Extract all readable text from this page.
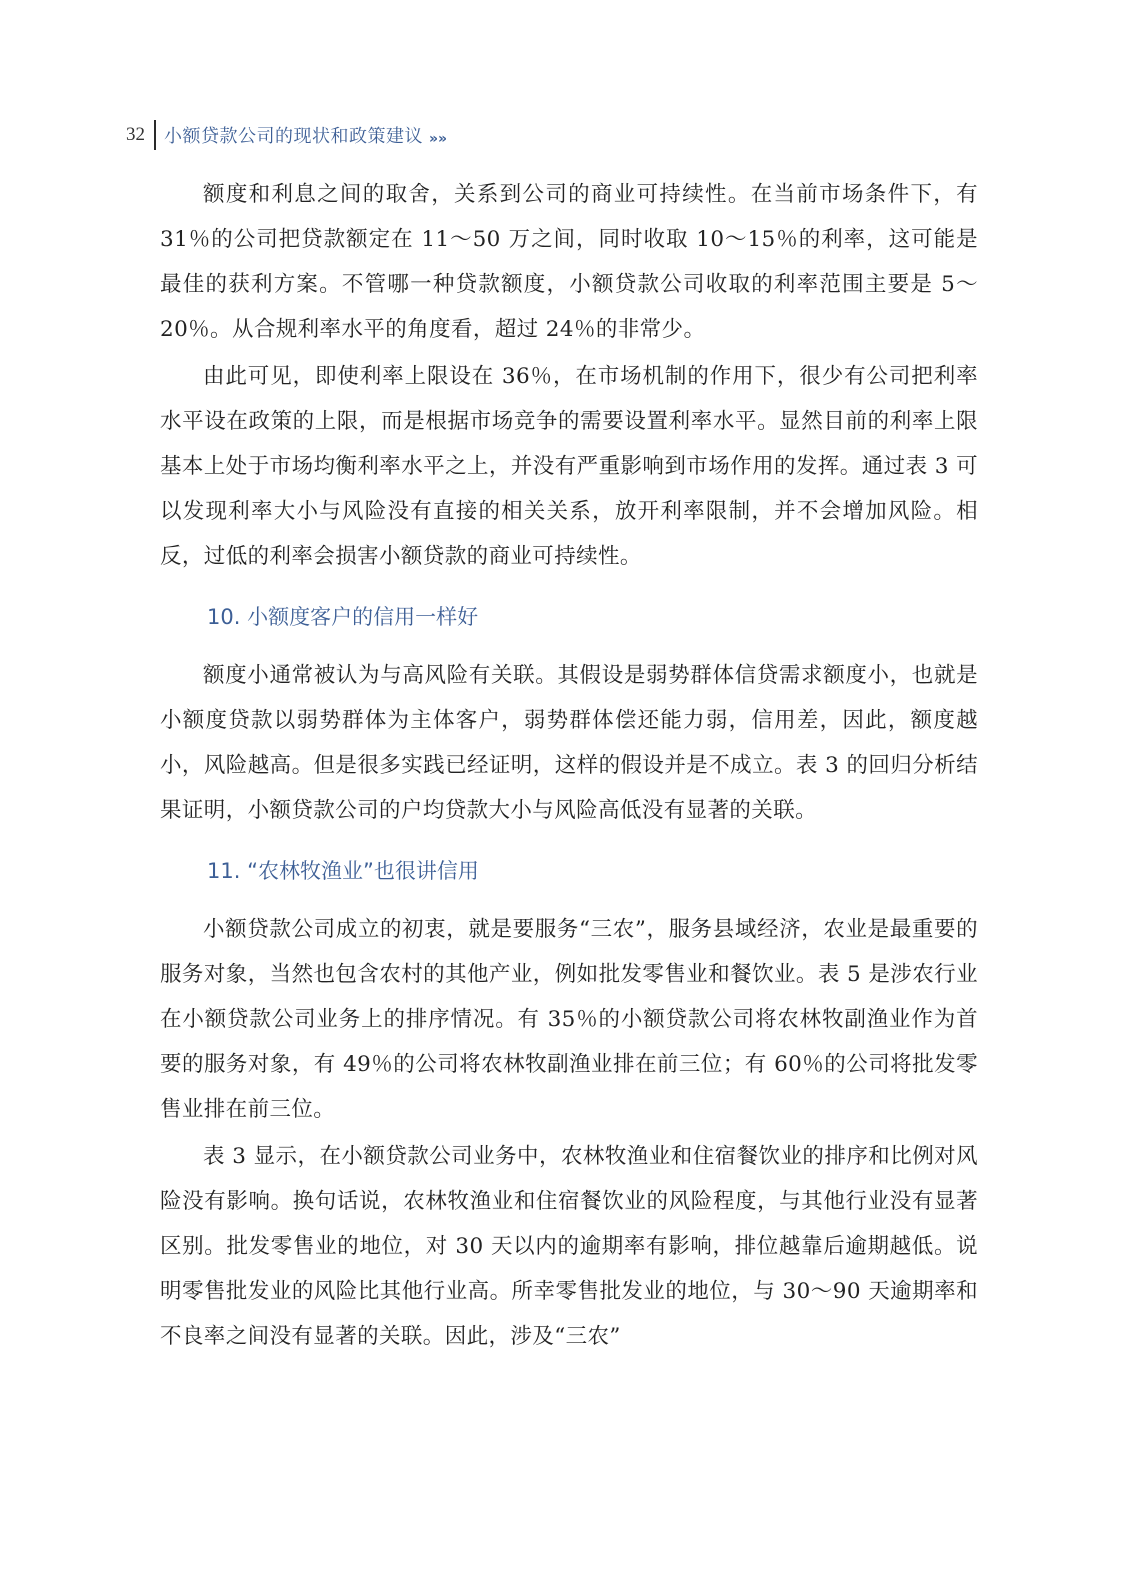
32	小额贷款公司的现状和政策建议 »»

额度和利息之间的取舍，关系到公司的商业可持续性。在当前市场条件下，有 31％的公司把贷款额定在 11～50 万之间，同时收取 10～15％的利率，这可能是最佳的获利方案。不管哪一种贷款额度，小额贷款公司收取的利率范围主要是 5～20％。从合规利率水平的角度看，超过 24％的非常少。

由此可见，即使利率上限设在 36％，在市场机制的作用下，很少有公司把利率水平设在政策的上限，而是根据市场竞争的需要设置利率水平。显然目前的利率上限基本上处于市场均衡利率水平之上，并没有严重影响到市场作用的发挥。通过表 3 可以发现利率大小与风险没有直接的相关关系，放开利率限制，并不会增加风险。相反，过低的利率会损害小额贷款的商业可持续性。

10. 小额度客户的信用一样好

额度小通常被认为与高风险有关联。其假设是弱势群体信贷需求额度小，也就是小额度贷款以弱势群体为主体客户，弱势群体偿还能力弱，信用差，因此，额度越小，风险越高。但是很多实践已经证明，这样的假设并是不成立。表 3 的回归分析结果证明，小额贷款公司的户均贷款大小与风险高低没有显著的关联。

11. “农林牧渔业”也很讲信用

小额贷款公司成立的初衷，就是要服务“三农”，服务县域经济，农业是最重要的服务对象，当然也包含农村的其他产业，例如批发零售业和餐饮业。表 5 是涉农行业在小额贷款公司业务上的排序情况。有 35％的小额贷款公司将农林牧副渔业作为首要的服务对象，有 49％的公司将农林牧副渔业排在前三位；有 60％的公司将批发零售业排在前三位。

表 3 显示，在小额贷款公司业务中，农林牧渔业和住宿餐饮业的排序和比例对风险没有影响。换句话说，农林牧渔业和住宿餐饮业的风险程度，与其他行业没有显著区别。批发零售业的地位，对 30 天以内的逾期率有影响，排位越靠后逾期越低。说明零售批发业的风险比其他行业高。所幸零售批发业的地位，与 30～90 天逾期率和不良率之间没有显著的关联。因此，涉及“三农”
